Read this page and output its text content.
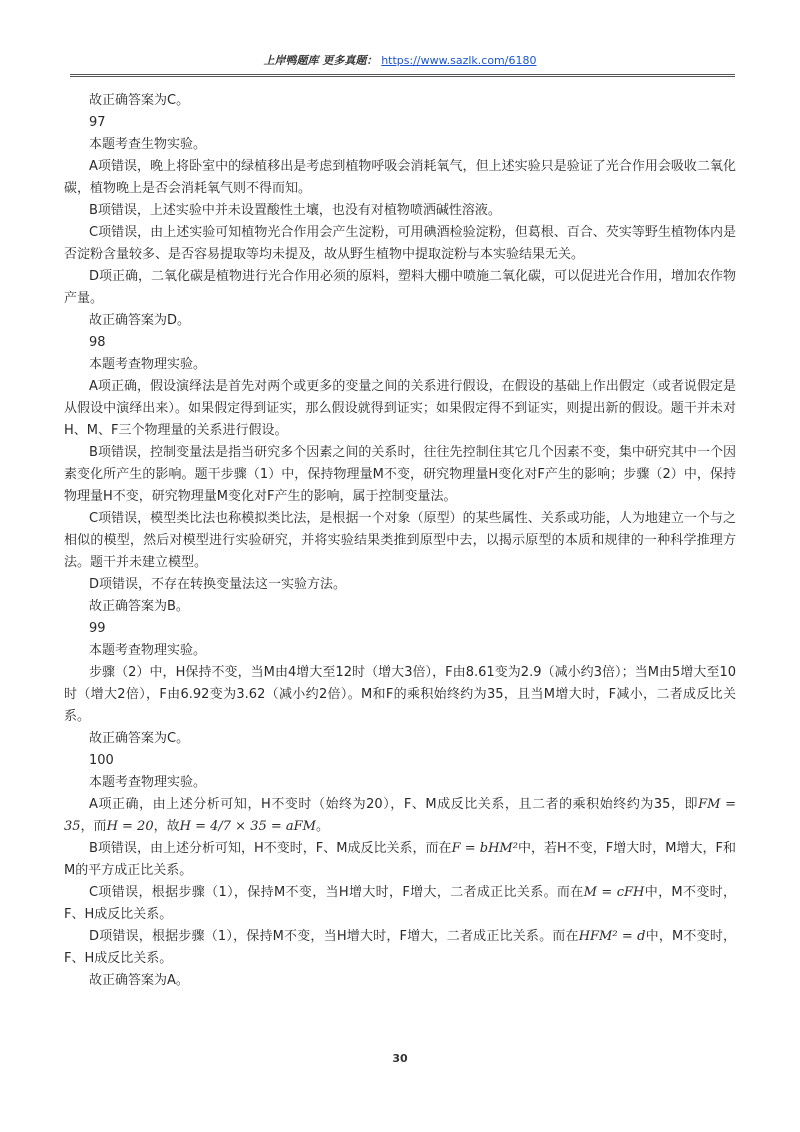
上岸鸭题库 更多真题： https://www.sazlk.com/6180

故正确答案为C。

97

本题考查生物实验。

A项错误，晚上将卧室中的绿植移出是考虑到植物呼吸会消耗氧气，但上述实验只是验证了光合作用会吸收二氧化碳，植物晚上是否会消耗氧气则不得而知。

B项错误，上述实验中并未设置酸性土壤，也没有对植物喷洒碱性溶液。

C项错误，由上述实验可知植物光合作用会产生淀粉，可用碘酒检验淀粉，但葛根、百合、芡实等野生植物体内是否淀粉含量较多、是否容易提取等均未提及，故从野生植物中提取淀粉与本实验结果无关。

D项正确，二氧化碳是植物进行光合作用必须的原料，塑料大棚中喷施二氧化碳，可以促进光合作用，增加农作物产量。

故正确答案为D。

98

本题考查物理实验。

A项正确，假设演绎法是首先对两个或更多的变量之间的关系进行假设，在假设的基础上作出假定（或者说假定是从假设中演绎出来）。如果假定得到证实，那么假设就得到证实；如果假定得不到证实，则提出新的假设。题干并未对H、M、F三个物理量的关系进行假设。

B项错误，控制变量法是指当研究多个因素之间的关系时，往往先控制住其它几个因素不变，集中研究其中一个因素变化所产生的影响。题干步骤（1）中，保持物理量M不变，研究物理量H变化对F产生的影响；步骤（2）中，保持物理量H不变，研究物理量M变化对F产生的影响，属于控制变量法。

C项错误，模型类比法也称模拟类比法，是根据一个对象（原型）的某些属性、关系或功能，人为地建立一个与之相似的模型，然后对模型进行实验研究，并将实验结果类推到原型中去，以揭示原型的本质和规律的一种科学推理方法。题干并未建立模型。

D项错误，不存在转换变量法这一实验方法。

故正确答案为B。

99

本题考查物理实验。

步骤（2）中，H保持不变，当M由4增大至12时（增大3倍），F由8.61变为2.9（减小约3倍）；当M由5增大至10时（增大2倍），F由6.92变为3.62（减小约2倍）。M和F的乘积始终约为35，且当M增大时，F减小，二者成反比关系。

故正确答案为C。

100

本题考查物理实验。

A项正确，由上述分析可知，H不变时（始终为20），F、M成反比关系，且二者的乘积始终约为35，即FM = 35，而H = 20，故H = 4/7 × 35 = aFM。

B项错误，由上述分析可知，H不变时，F、M成反比关系，而在F = bHM²中，若H不变，F增大时，M增大，F和M的平方成正比关系。

C项错误，根据步骤（1），保持M不变，当H增大时，F增大，二者成正比关系。而在M = cFH中，M不变时，F、H成反比关系。

D项错误，根据步骤（1），保持M不变，当H增大时，F增大，二者成正比关系。而在HFM² = d中，M不变时，F、H成反比关系。

故正确答案为A。

30
